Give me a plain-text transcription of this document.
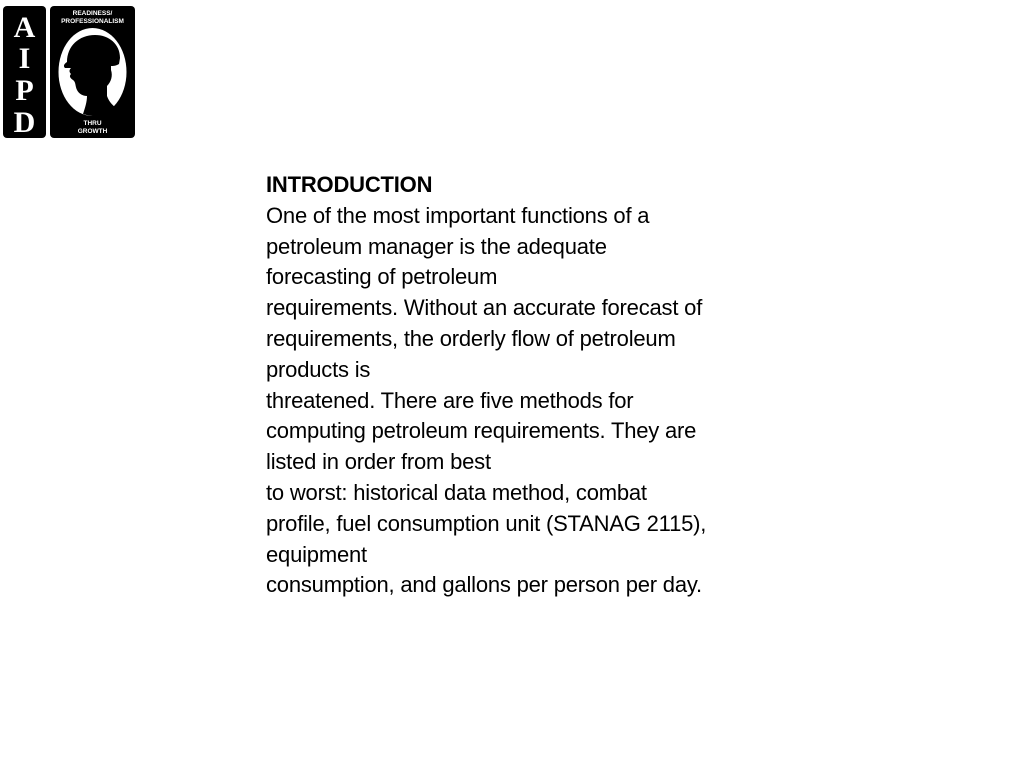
A
I
P
D
READINESS/
PROFESSIONALISM
THRU
GROWTH
INTRODUCTION
One of the most important functions of a
petroleum manager is the adequate
forecasting of petroleum
requirements. Without an accurate forecast of
requirements, the orderly flow of petroleum
products is
threatened. There are five methods for
computing petroleum requirements. They are
listed in order from best
to worst: historical data method, combat
profile, fuel consumption unit (STANAG 2115),
equipment
consumption, and gallons per person per day.
